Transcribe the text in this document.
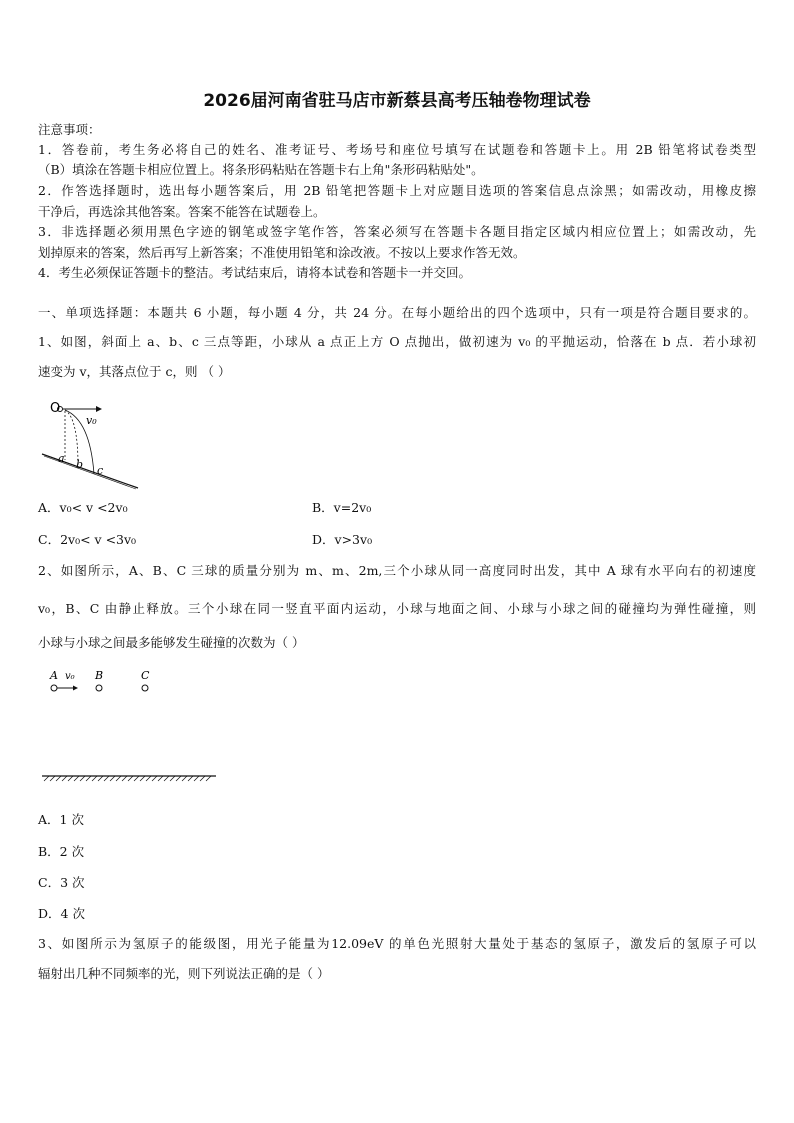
2026届河南省驻马店市新蔡县高考压轴卷物理试卷
注意事项：
1．答卷前，考生务必将自己的姓名、准考证号、考场号和座位号填写在试题卷和答题卡上。用 2B 铅笔将试卷类型
（B）填涂在答题卡相应位置上。将条形码粘贴在答题卡右上角"条形码粘贴处"。
2．作答选择题时，选出每小题答案后，用 2B 铅笔把答题卡上对应题目选项的答案信息点涂黑；如需改动，用橡皮擦
干净后，再选涂其他答案。答案不能答在试题卷上。
3．非选择题必须用黑色字迹的钢笔或签字笔作答，答案必须写在答题卡各题目指定区域内相应位置上；如需改动，先
划掉原来的答案，然后再写上新答案；不准使用铅笔和涂改液。不按以上要求作答无效。
4．考生必须保证答题卡的整洁。考试结束后，请将本试卷和答题卡一并交回。
一、单项选择题：本题共 6 小题，每小题 4 分，共 24 分。在每小题给出的四个选项中，只有一项是符合题目要求的。
1、如图，斜面上 a、b、c 三点等距，小球从 a 点正上方 O 点抛出，做初速为 v₀ 的平抛运动，恰落在 b 点．若小球初
速变为 v，其落点位于 c，则 （ ）
O
v₀
a b c
A．v₀< v <2v₀	B．v=2v₀
C．2v₀< v <3v₀	D．v>3v₀
2、如图所示，A、B、C 三球的质量分别为 m、m、2m,三个小球从同一高度同时出发，其中 A 球有水平向右的初速度
v₀，B、C 由静止释放。三个小球在同一竖直平面内运动，小球与地面之间、小球与小球之间的碰撞均为弹性碰撞，则
小球与小球之间最多能够发生碰撞的次数为（ ）
A v₀ B	C
A．1 次
B．2 次
C．3 次
D．4 次
3、如图所示为氢原子的能级图，用光子能量为12.09eV 的单色光照射大量处于基态的氢原子，激发后的氢原子可以
辐射出几种不同频率的光，则下列说法正确的是（ ）
